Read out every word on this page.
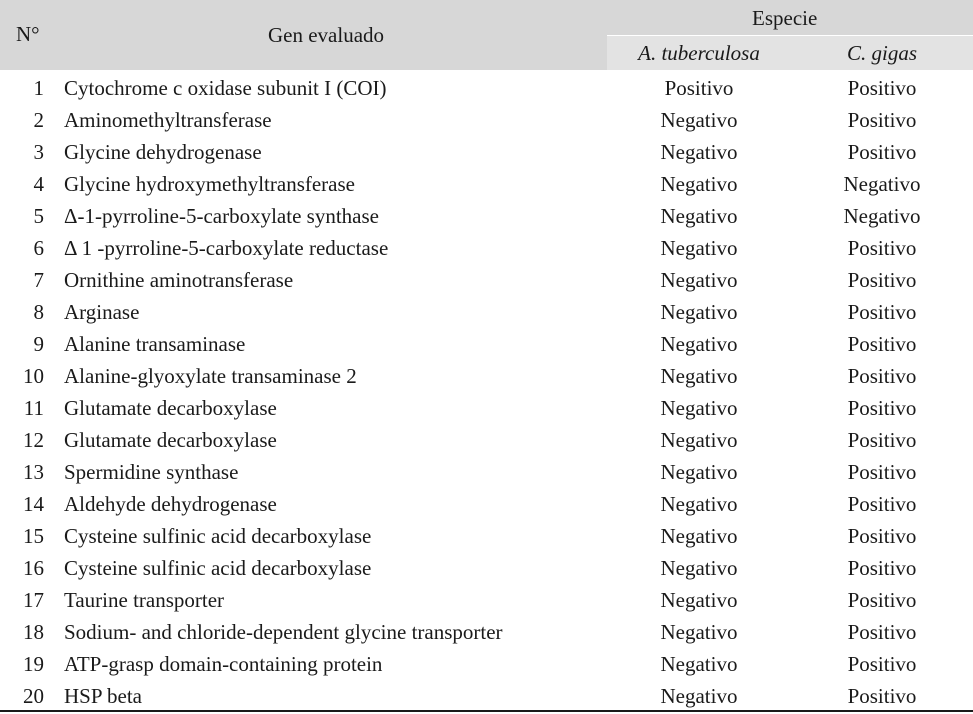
N°	Gen evaluado
Especie
A. tuberculosa	C. gigas
1 Cytochrome c oxidase subunit I (COI)	Positivo	Positivo
2 Aminomethyltransferase	Negativo	Positivo
3 Glycine dehydrogenase	Negativo	Positivo
4 Glycine hydroxymethyltransferase	Negativo	Negativo
5 Δ-1-pyrroline-5-carboxylate synthase	Negativo	Negativo
6 Δ 1 -pyrroline-5-carboxylate reductase	Negativo	Positivo
7 Ornithine aminotransferase	Negativo	Positivo
8 Arginase	Negativo	Positivo
9 Alanine transaminase	Negativo	Positivo
10 Alanine-glyoxylate transaminase 2	Negativo	Positivo
11 Glutamate decarboxylase	Negativo	Positivo
12 Glutamate decarboxylase	Negativo	Positivo
13 Spermidine synthase	Negativo	Positivo
14 Aldehyde dehydrogenase	Negativo	Positivo
15 Cysteine sulfinic acid decarboxylase	Negativo	Positivo
16 Cysteine sulfinic acid decarboxylase	Negativo	Positivo
17 Taurine transporter	Negativo	Positivo
18 Sodium- and chloride-dependent glycine transporter	Negativo	Positivo
19 ATP-grasp domain-containing protein	Negativo	Positivo
20 HSP beta	Negativo	Positivo
